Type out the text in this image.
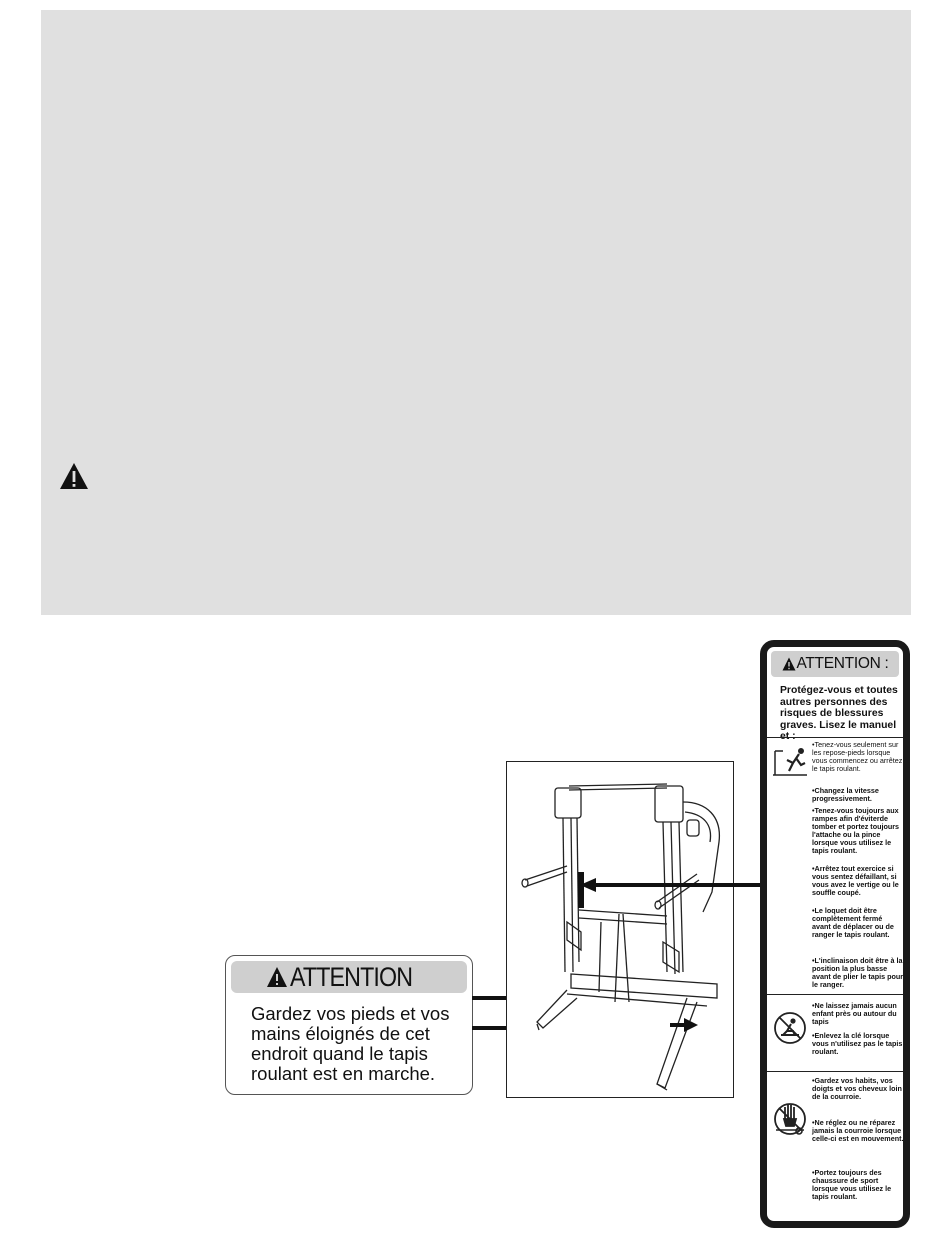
ATTENTION
Gardez vos pieds et vos mains éloignés de cet endroit quand le tapis roulant est en marche.
ATTENTION :
Protégez-vous et toutes autres personnes des risques de blessures graves. Lisez le manuel et :
•Tenez-vous seulement sur les repose-pieds lorsque vous commencez ou arrêtez le tapis roulant.
•Changez la vitesse progressivement.
•Tenez-vous toujours aux rampes afin d'éviterde tomber et portez toujours l'attache ou la pince lorsque vous utilisez le tapis roulant.
•Arrêtez tout exercice si vous sentez défaillant, si vous avez le vertige ou le souffle coupé.
•Le loquet doit être complètement fermé avant de déplacer ou de ranger le tapis roulant.
•L'inclinaison doit être à la position la plus basse avant de plier le tapis pour le ranger.
•Ne laissez jamais aucun enfant près ou autour du tapis
•Enlevez la clé lorsque vous n'utilisez pas le tapis roulant.
•Gardez vos habits, vos doigts et vos cheveux loin de la courroie.
•Ne réglez ou ne réparez jamais la courroie lorsque celle-ci est en mouvement.
•Portez toujours des chaussure de sport lorsque vous utilisez le tapis roulant.
